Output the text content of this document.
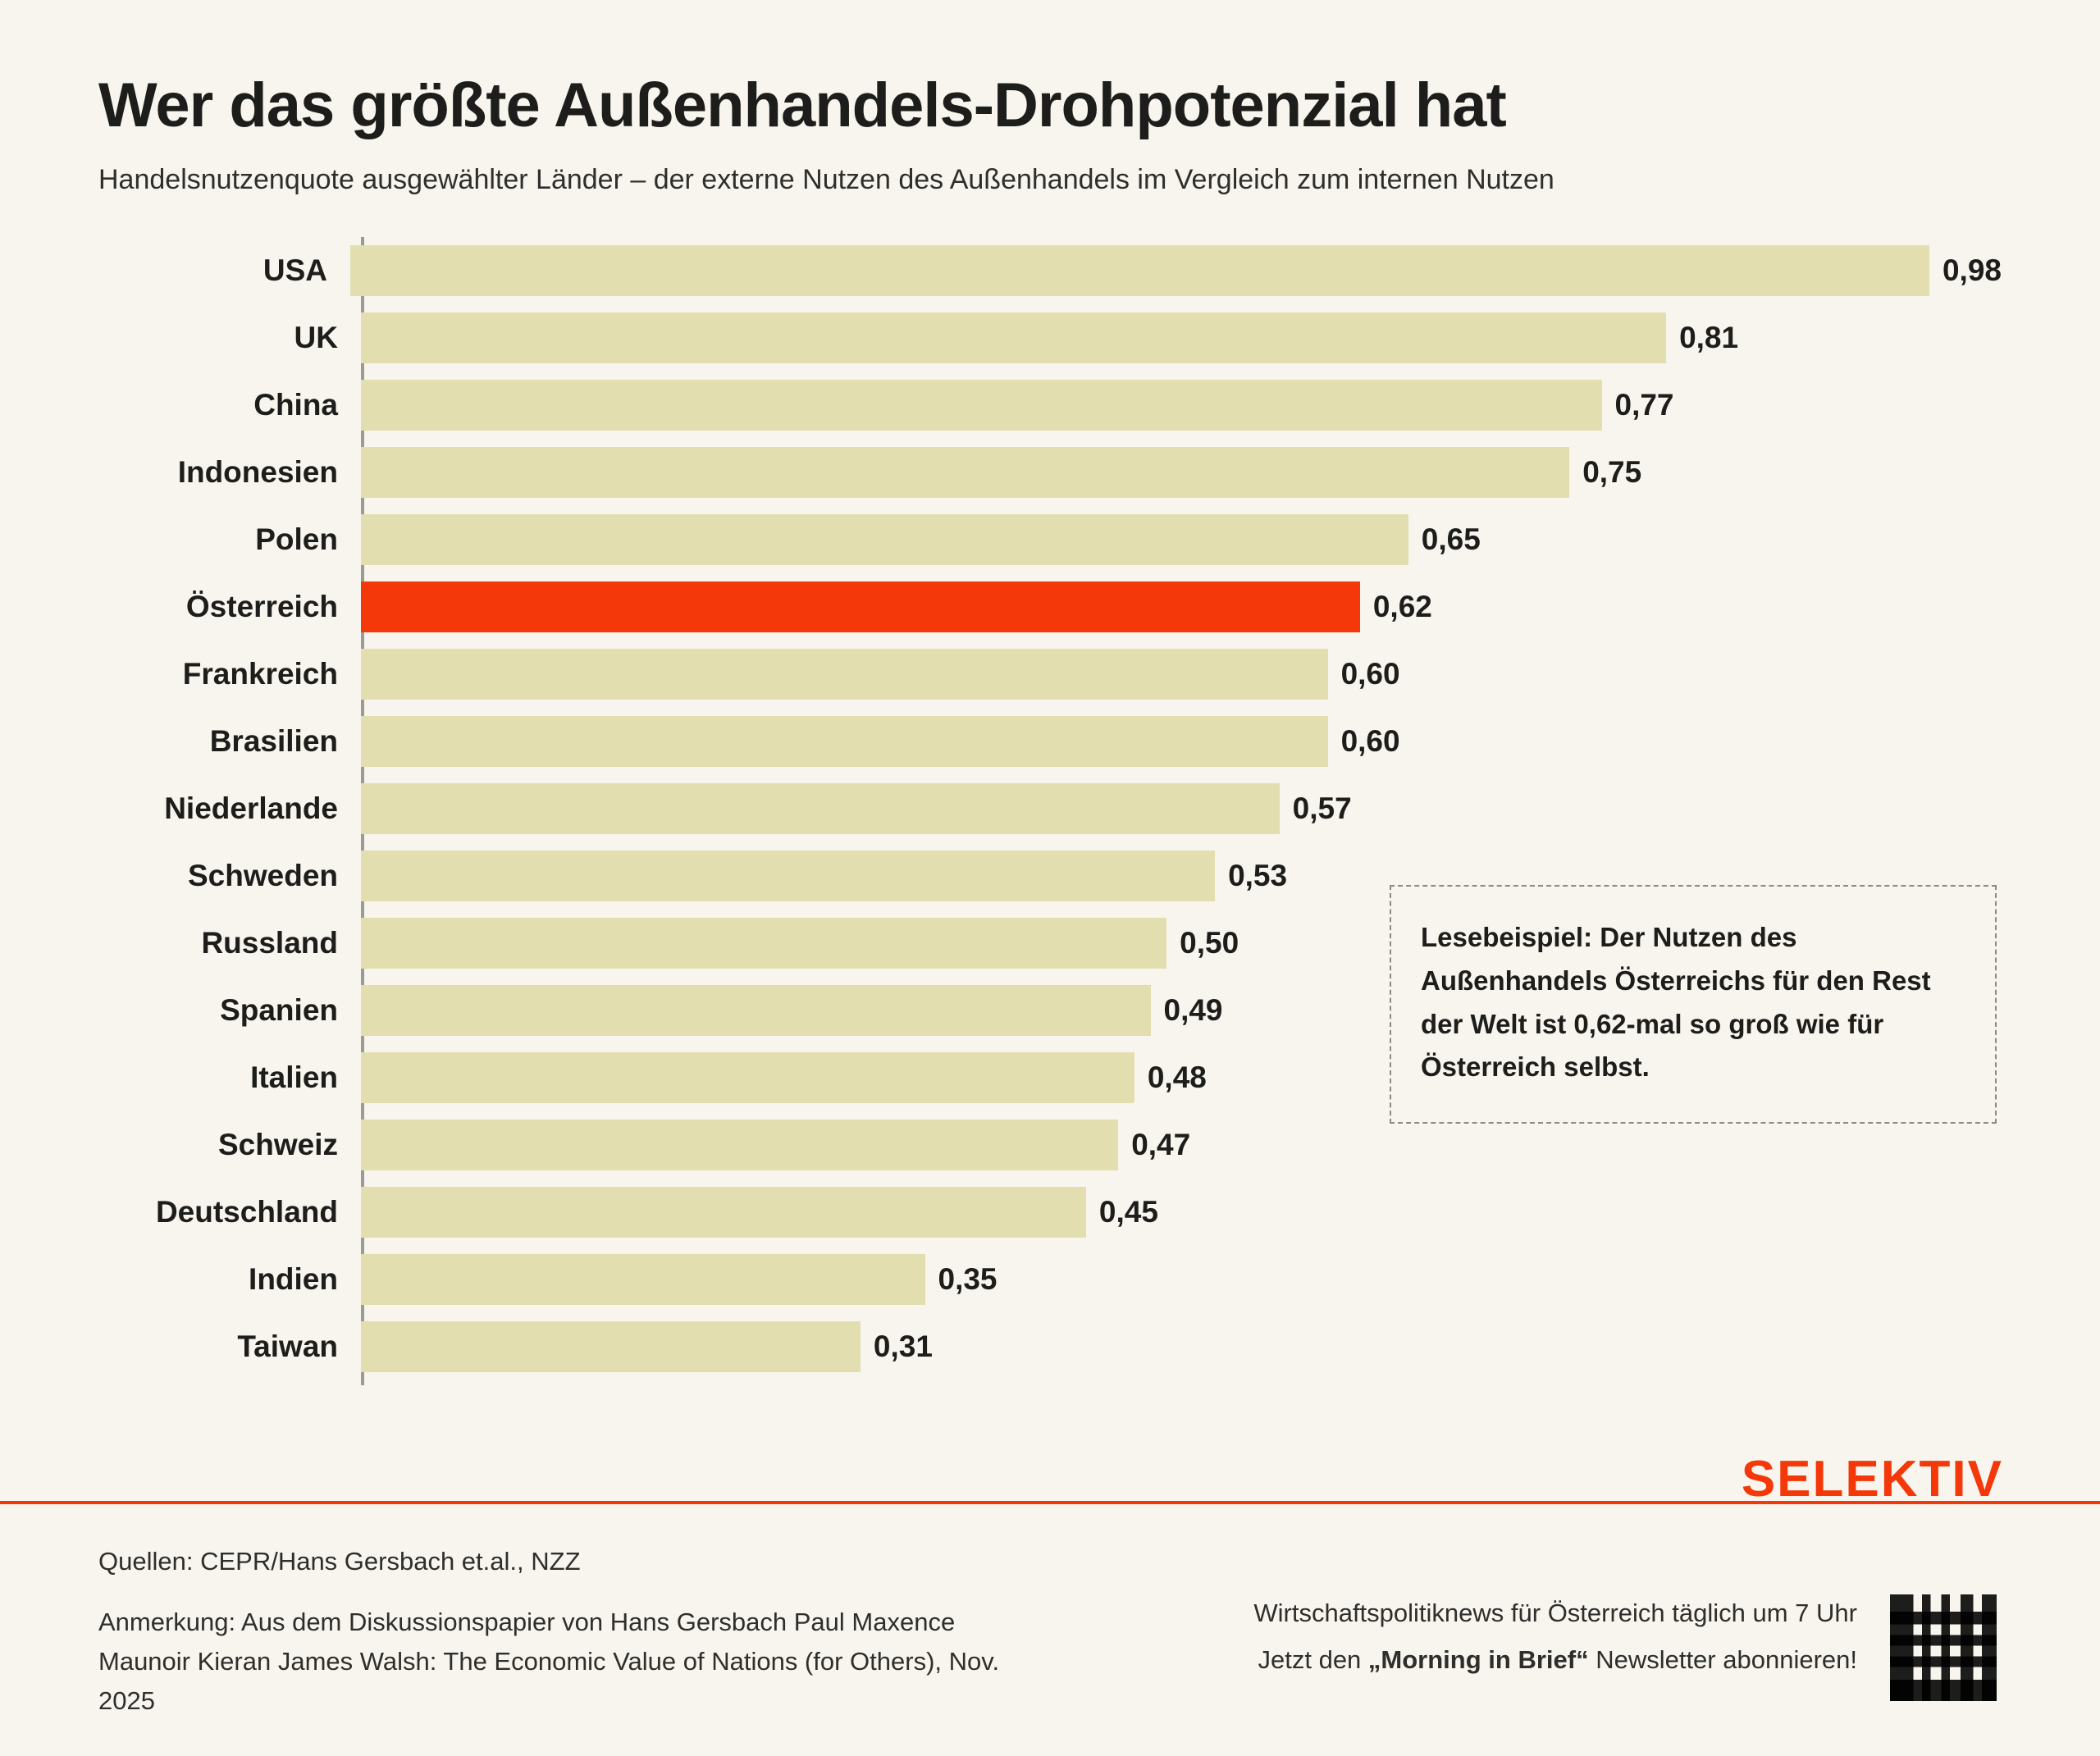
Wer das größte Außenhandels-Drohpotenzial hat

Handelsnutzenquote ausgewählter Länder – der externe Nutzen des Außenhandels im Vergleich zum internen Nutzen

USA	0,98
UK	0,81
China	0,77
Indonesien	0,75
Polen	0,65
Österreich	0,62
Frankreich	0,60
Brasilien	0,60
Niederlande	0,57
Schweden	0,53
Russland	0,50
Spanien	0,49
Italien	0,48
Schweiz	0,47
Deutschland	0,45
Indien	0,35
Taiwan	0,31
Lesebeispiel: Der Nutzen des Außenhandels Österreichs für den Rest der Welt ist 0,62-mal so groß wie für Österreich selbst.
SELEKTIV
Quellen: CEPR/Hans Gersbach et.al., NZZ
Anmerkung: Aus dem Diskussionspapier von Hans Gersbach Paul Maxence Maunoir Kieran James Walsh: The Economic Value of Nations (for Others), Nov. 2025
Wirtschaftspolitiknews für Österreich täglich um 7 Uhr
Jetzt den „Morning in Brief“ Newsletter abonnieren!
